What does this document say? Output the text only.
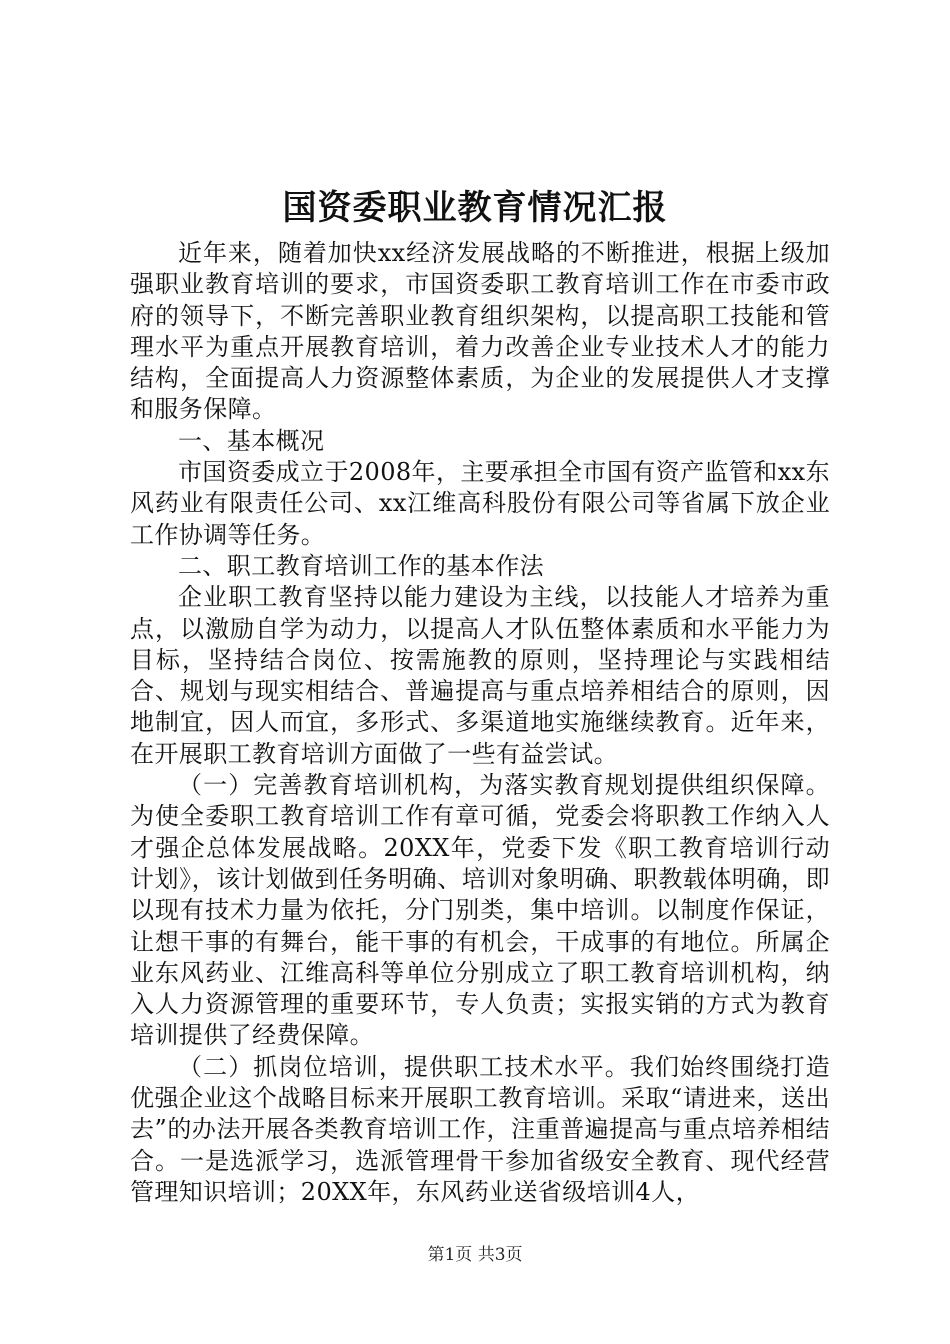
国资委职业教育情况汇报

近年来，随着加快xx经济发展战略的不断推进，根据上级加强职业教育培训的要求，市国资委职工教育培训工作在市委市政府的领导下，不断完善职业教育组织架构，以提高职工技能和管理水平为重点开展教育培训，着力改善企业专业技术人才的能力结构，全面提高人力资源整体素质，为企业的发展提供人才支撑和服务保障。

一、基本概况

市国资委成立于2008年，主要承担全市国有资产监管和xx东风药业有限责任公司、xx江维高科股份有限公司等省属下放企业工作协调等任务。

二、职工教育培训工作的基本作法

企业职工教育坚持以能力建设为主线，以技能人才培养为重点，以激励自学为动力，以提高人才队伍整体素质和水平能力为目标，坚持结合岗位、按需施教的原则，坚持理论与实践相结合、规划与现实相结合、普遍提高与重点培养相结合的原则，因地制宜，因人而宜，多形式、多渠道地实施继续教育。近年来，在开展职工教育培训方面做了一些有益尝试。

（一）完善教育培训机构，为落实教育规划提供组织保障。为使全委职工教育培训工作有章可循，党委会将职教工作纳入人才强企总体发展战略。20XX年，党委下发《职工教育培训行动计划》，该计划做到任务明确、培训对象明确、职教载体明确，即以现有技术力量为依托，分门别类，集中培训。以制度作保证，让想干事的有舞台，能干事的有机会，干成事的有地位。所属企业东风药业、江维高科等单位分别成立了职工教育培训机构，纳入人力资源管理的重要环节，专人负责；实报实销的方式为教育培训提供了经费保障。

（二）抓岗位培训，提供职工技术水平。我们始终围绕打造优强企业这个战略目标来开展职工教育培训。采取“请进来，送出去”的办法开展各类教育培训工作，注重普遍提高与重点培养相结合。一是选派学习，选派管理骨干参加省级安全教育、现代经营管理知识培训；20XX年，东风药业送省级培训4人，

第1页 共3页
